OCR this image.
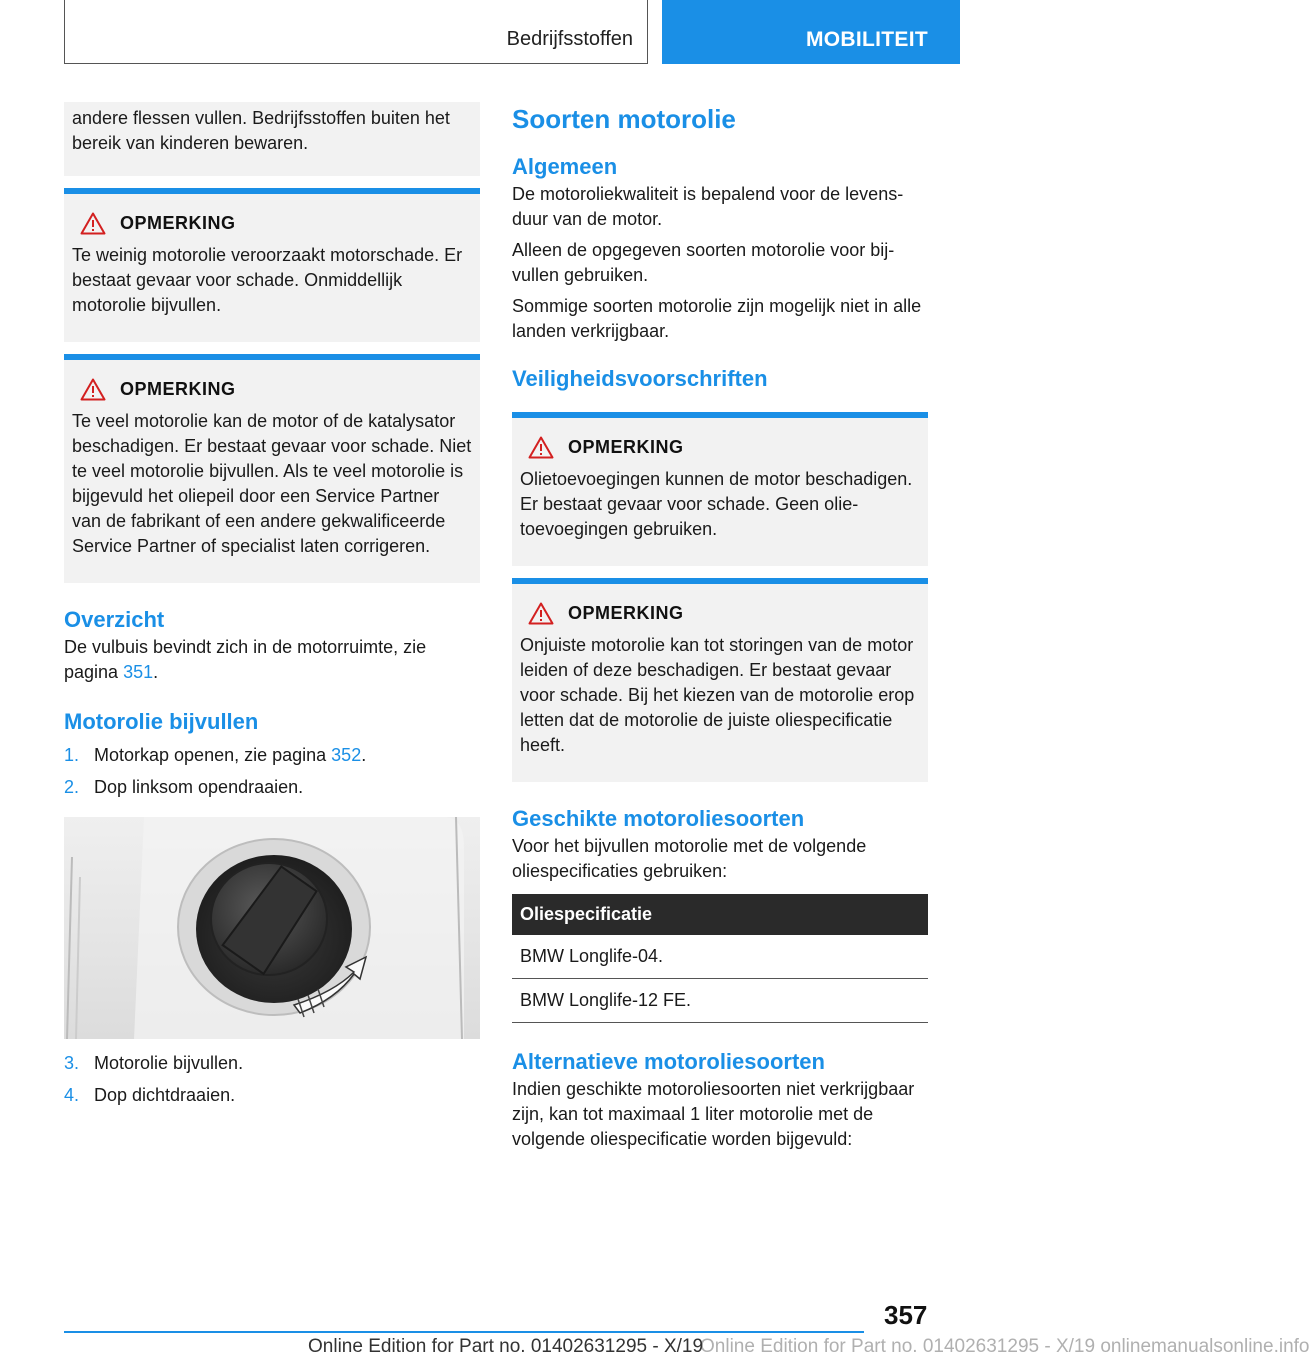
Bedrijfsstoffen	MOBILITEIT

andere flessen vullen. Bedrijfsstoffen buiten het bereik van kinderen bewaren.

OPMERKING

Te weinig motorolie veroorzaakt motorschade. Er bestaat gevaar voor schade. Onmiddellijk motorolie bijvullen.

OPMERKING

Te veel motorolie kan de motor of de katalysator beschadigen. Er bestaat gevaar voor schade. Niet te veel motorolie bijvullen. Als te veel motorolie is bijgevuld het oliepeil door een Service Partner van de fabrikant of een andere gekwalificeerde Service Partner of specialist laten corrigeren.

Overzicht

De vulbuis bevindt zich in de motorruimte, zie pagina 351.

Motorolie bijvullen
1. Motorkap openen, zie pagina 352.
2. Dop linksom opendraaien.
3. Motorolie bijvullen.
4. Dop dichtdraaien.
Soorten motorolie
Algemeen

De motoroliekwaliteit is bepalend voor de levensduur van de motor.

Alleen de opgegeven soorten motorolie voor bijvullen gebruiken.

Sommige soorten motorolie zijn mogelijk niet in alle landen verkrijgbaar.

Veiligheidsvoorschriften
OPMERKING

Olietoevoegingen kunnen de motor beschadigen. Er bestaat gevaar voor schade. Geen olietoevoegingen gebruiken.

OPMERKING

Onjuiste motorolie kan tot storingen van de motor leiden of deze beschadigen. Er bestaat gevaar voor schade. Bij het kiezen van de motorolie erop letten dat de motorolie de juiste oliespecificatie heeft.

Geschikte motoroliesoorten

Voor het bijvullen motorolie met de volgende oliespecificaties gebruiken:

Oliespecificatie
BMW Longlife-04.
BMW Longlife-12 FE.
Alternatieve motoroliesoorten

Indien geschikte motoroliesoorten niet verkrijgbaar zijn, kan tot maximaal 1 liter motorolie met de volgende oliespecificatie worden bijgevuld:

357
Online Edition for Part no. 01402631295 - X/19 onlinemanualsonline.info
Online Edition for Part no. 01402631295 - X/19
